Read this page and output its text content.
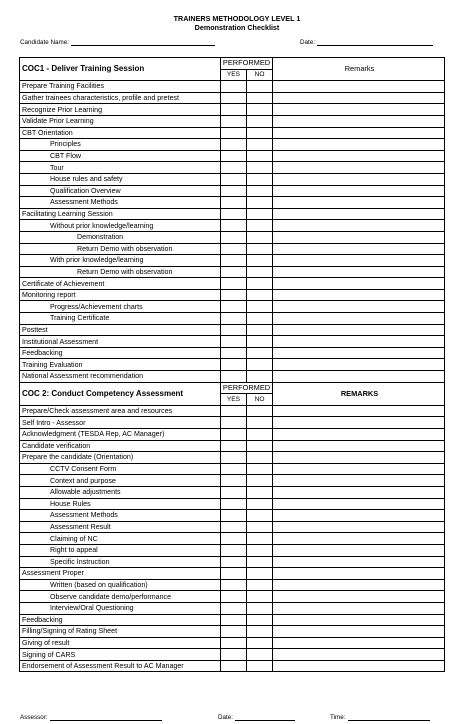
TRAINERS METHODOLOGY LEVEL 1
Demonstration Checklist
Candidate Name:	Date:
COC1 - Deliver Training Session	PERFORMED		Remarks
	YES	NO	
Prepare Training Facilities			
Gather trainees characteristics, profile and pretest			
Recognize Prior Learning			
Validate Prior Learning			
CBT Orientation			
Principles			
CBT Flow			
Tour			
House rules and safety			
Qualification Overview			
Assessment Methods			
Facilitating Learning Session			
Without prior knowledge/learning			
Demonstration			
Return Demo with observation			
With prior knowledge/learning			
Return Demo with observation			
Certificate of Achievement			
Monitoring report			
Progress/Achievement charts			
Training Certificate			
Posttest			
Institutional Assessment			
Feedbacking			
Training Evaluation			
National Assessment recommendation			
COC 2: Conduct Competency Assessment	PERFORMED		REMARKS
	YES	NO	
Prepare/Check assessment area and resources			
Self Intro - Assessor			
Acknowledgment (TESDA Rep, AC Manager)			
Candidate verification			
Prepare the candidate (Orientation)			
CCTV Consent Form			
Context and purpose			
Allowable adjustments			
House Rules			
Assessment Methods			
Assessment Result			
Claiming of NC			
Right to appeal			
Specific Instruction			
Assessment Proper			
Written (based on qualification)			
Observe candidate demo/performance			
Interview/Oral Questioning			
Feedbacking			
Filling/Signing of Rating Sheet			
Giving of result			
Signing of CARS			
Endorsement of Assessment Result to AC Manager			
Assessor:	Date:	Time:
